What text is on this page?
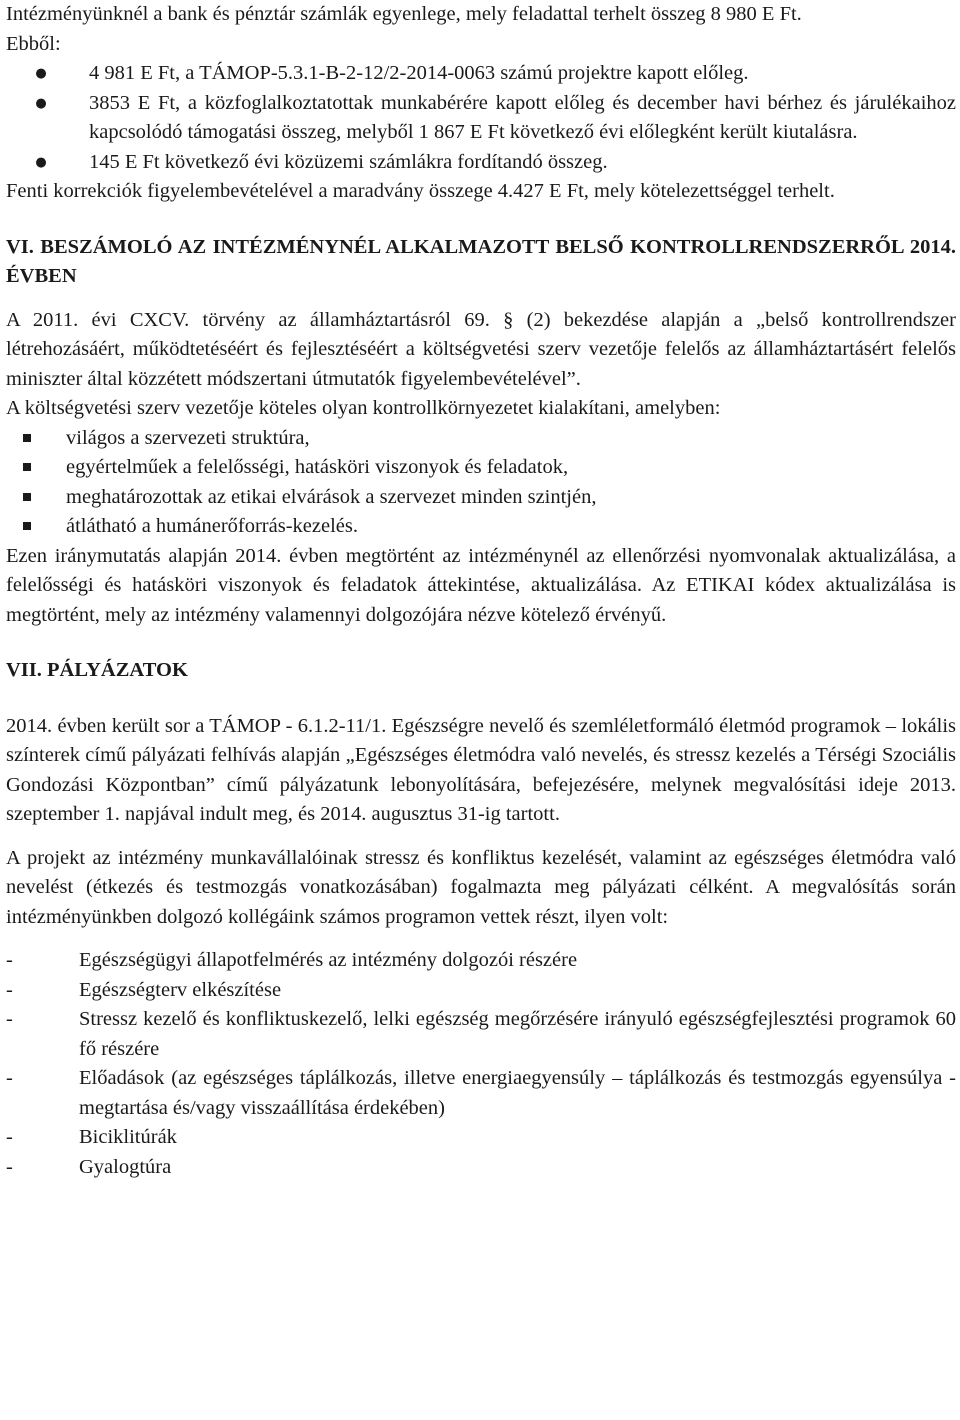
Intézményünknél a bank és pénztár számlák egyenlege, mely feladattal terhelt összeg 8 980 E Ft.

Ebből:

● 4 981 E Ft, a TÁMOP-5.3.1-B-2-12/2-2014-0063 számú projektre kapott előleg.
● 3853 E Ft, a közfoglalkoztatottak munkabérére kapott előleg és december havi bérhez és járulékaihoz kapcsolódó támogatási összeg, melyből 1 867 E Ft következő évi előlegként került kiutalásra.
● 145 E Ft következő évi közüzemi számlákra fordítandó összeg.

Fenti korrekciók figyelembevételével a maradvány összege 4.427 E Ft, mely kötelezettséggel terhelt.

VI. BESZÁMOLÓ AZ INTÉZMÉNYNÉL ALKALMAZOTT BELSŐ KONTROLLRENDSZERRŐL 2014. ÉVBEN

A 2011. évi CXCV. törvény az államháztartásról 69. § (2) bekezdése alapján a „belső kontrollrendszer létrehozásáért, működtetéséért és fejlesztéséért a költségvetési szerv vezetője felelős az államháztartásért felelős miniszter által közzétett módszertani útmutatók figyelembevételével”.

A költségvetési szerv vezetője köteles olyan kontrollkörnyezetet kialakítani, amelyben:

világos a szervezeti struktúra,
egyértelműek a felelősségi, hatásköri viszonyok és feladatok,
meghatározottak az etikai elvárások a szervezet minden szintjén,
átlátható a humánerőforrás-kezelés.

Ezen iránymutatás alapján 2014. évben megtörtént az intézménynél az ellenőrzési nyomvonalak aktualizálása, a felelősségi és hatásköri viszonyok és feladatok áttekintése, aktualizálása. Az ETIKAI kódex aktualizálása is megtörtént, mely az intézmény valamennyi dolgozójára nézve kötelező érvényű.

VII. PÁLYÁZATOK

2014. évben került sor a TÁMOP - 6.1.2-11/1. Egészségre nevelő és szemléletformáló életmód programok – lokális színterek című pályázati felhívás alapján „Egészséges életmódra való nevelés, és stressz kezelés a Térségi Szociális Gondozási Központban” című pályázatunk lebonyolítására, befejezésére, melynek megvalósítási ideje 2013. szeptember 1. napjával indult meg, és 2014. augusztus 31-ig tartott.

A projekt az intézmény munkavállalóinak stressz és konfliktus kezelését, valamint az egészséges életmódra való nevelést (étkezés és testmozgás vonatkozásában) fogalmazta meg pályázati célként. A megvalósítás során intézményünkben dolgozó kollégáink számos programon vettek részt, ilyen volt:

-	Egészségügyi állapotfelmérés az intézmény dolgozói részére
-	Egészségterv elkészítése
-	Stressz kezelő és konfliktuskezelő, lelki egészség megőrzésére irányuló egészségfejlesztési programok 60 fő részére
-	Előadások (az egészséges táplálkozás, illetve energiaegyensúly – táplálkozás és testmozgás egyensúlya - megtartása és/vagy visszaállítása érdekében)
-	Biciklitúrák
-	Gyalogtúra
